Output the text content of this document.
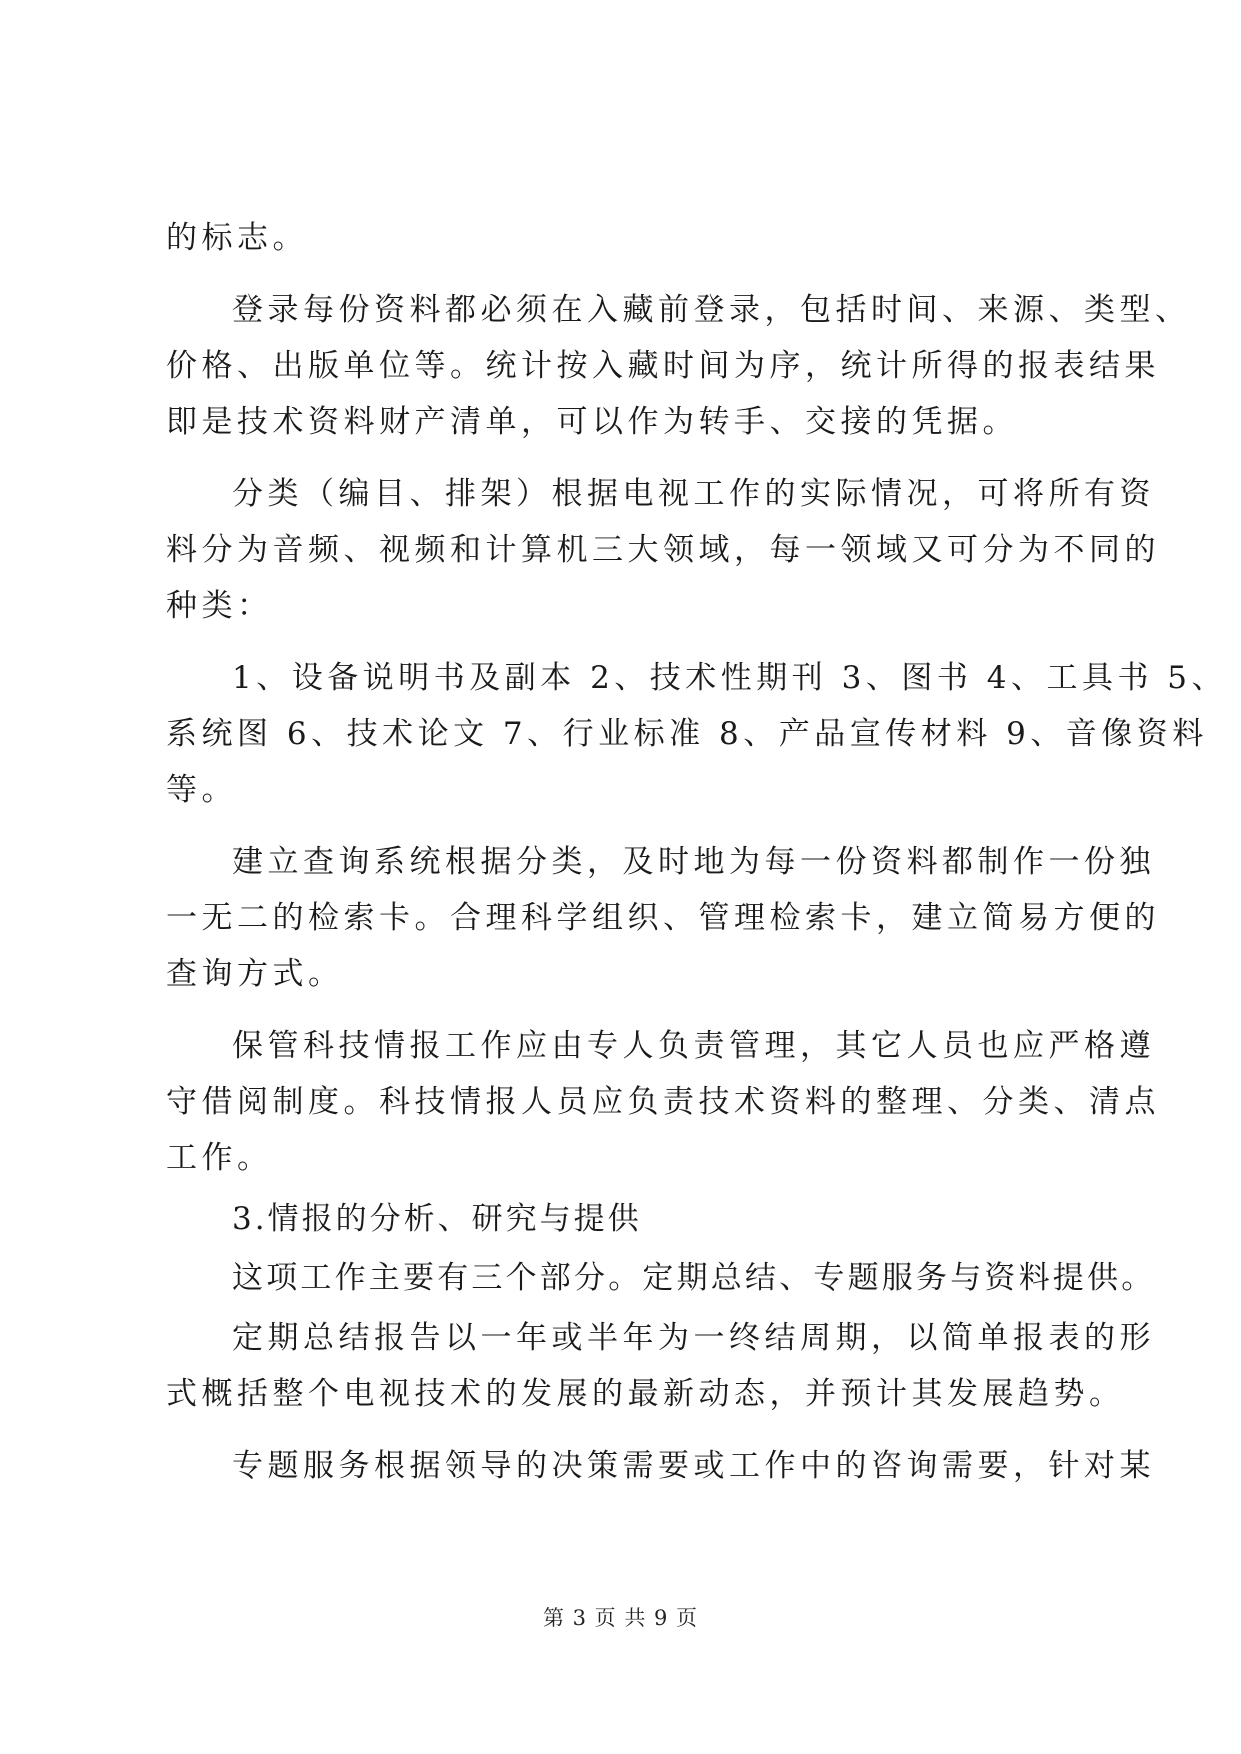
的标志。
登录每份资料都必须在入藏前登录，包括时间、来源、类型、
价格、出版单位等。统计按入藏时间为序，统计所得的报表结果
即是技术资料财产清单，可以作为转手、交接的凭据。
分类（编目、排架）根据电视工作的实际情况，可将所有资
料分为音频、视频和计算机三大领域，每一领域又可分为不同的
种类：
1、设备说明书及副本 2、技术性期刊 3、图书 4、工具书 5、
系统图 6、技术论文 7、行业标准 8、产品宣传材料 9、音像资料
等。
建立查询系统根据分类，及时地为每一份资料都制作一份独
一无二的检索卡。合理科学组织、管理检索卡，建立简易方便的
查询方式。
保管科技情报工作应由专人负责管理，其它人员也应严格遵
守借阅制度。科技情报人员应负责技术资料的整理、分类、清点
工作。
3.情报的分析、研究与提供
这项工作主要有三个部分。定期总结、专题服务与资料提供。
定期总结报告以一年或半年为一终结周期，以简单报表的形
式概括整个电视技术的发展的最新动态，并预计其发展趋势。
专题服务根据领导的决策需要或工作中的咨询需要，针对某
第 3 页 共 9 页
